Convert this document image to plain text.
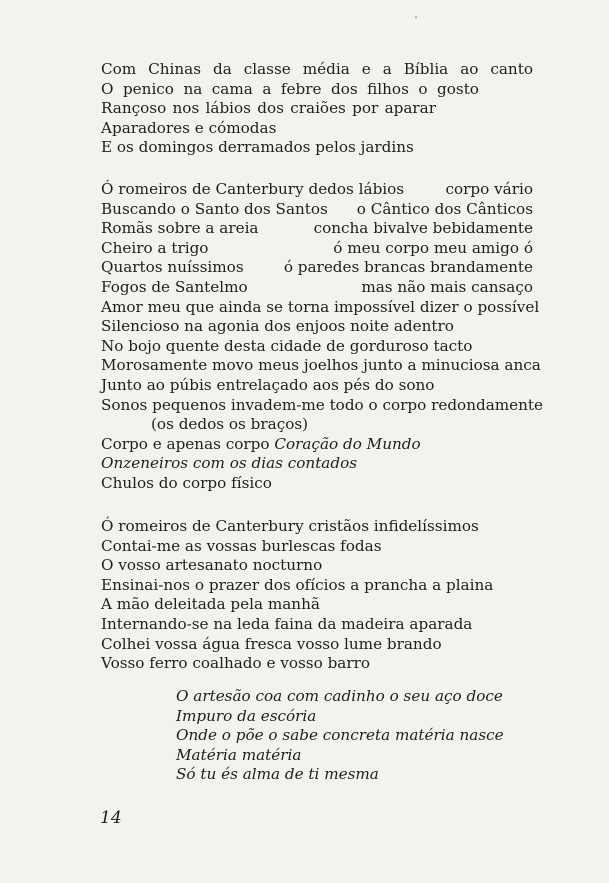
Com Chinas da classe média e a Bíblia ao canto
O penico na cama a febre dos filhos o gosto
Rançoso nos lábios dos craiões por aparar
Aparadores e cómodas
E os domingos derramados pelos jardins
Ó romeiros de Canterbury dedos lábios	corpo vário
Buscando o Santo dos Santos o Cântico dos Cânticos
Romãs sobre a areia	concha bivalve bebidamente
Cheiro a trigo	ó meu corpo meu amigo ó
Quartos nuíssimos	ó paredes brancas brandamente
Fogos de Santelmo	mas não mais cansaço
Amor meu que ainda se torna impossível dizer o possível
Silencioso na agonia dos enjoos noite adentro
No bojo quente desta cidade de gorduroso tacto
Morosamente movo meus joelhos junto a minuciosa anca
Junto ao púbis entrelaçado aos pés do sono
Sonos pequenos invadem-me todo o corpo redondamente
(os dedos os braços)
Corpo e apenas corpo Coração do Mundo
Onzeneiros com os dias contados
Chulos do corpo físico
Ó romeiros de Canterbury cristãos infidelíssimos
Contai-me as vossas burlescas fodas
O vosso artesanato nocturno
Ensinai-nos o prazer dos ofícios a prancha a plaina
A mão deleitada pela manhã
Internando-se na leda faina da madeira aparada
Colhei vossa água fresca vosso lume brando
Vosso ferro coalhado e vosso barro
O artesão coa com cadinho o seu aço doce
Impuro da escória
Onde o põe o sabe concreta matéria nasce
Matéria matéria
Só tu és alma de ti mesma
14
